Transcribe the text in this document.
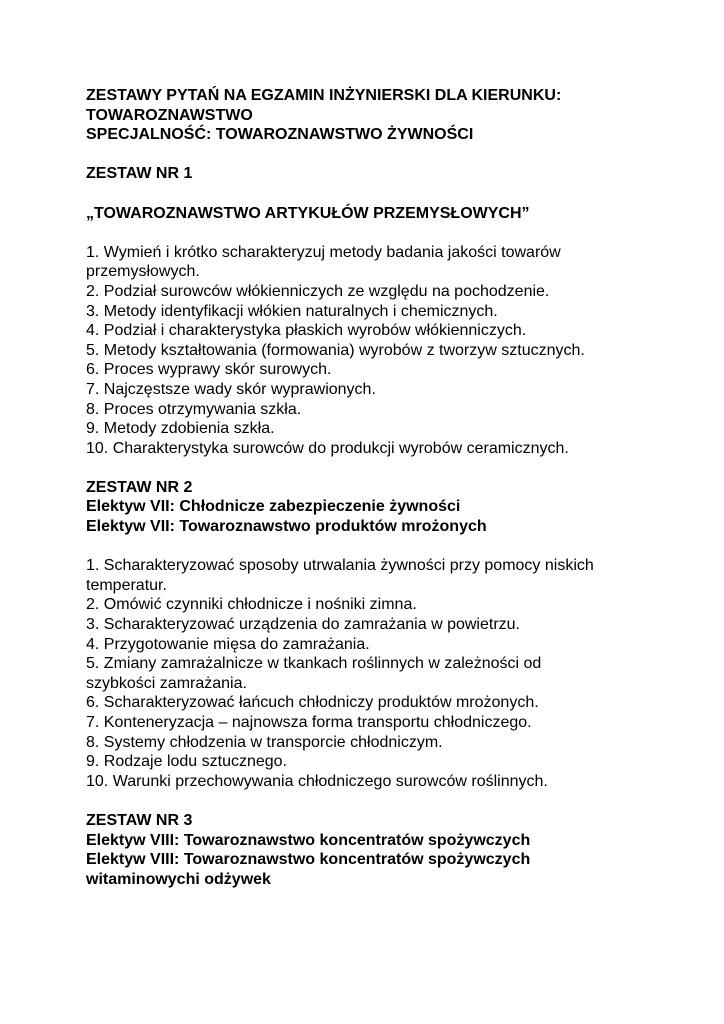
ZESTAWY PYTAŃ NA EGZAMIN INŻYNIERSKI DLA KIERUNKU:
TOWAROZNAWSTWO
SPECJALNOŚĆ: TOWAROZNAWSTWO ŻYWNOŚCI
ZESTAW NR 1
„TOWAROZNAWSTWO ARTYKUŁÓW PRZEMYSŁOWYCH”
1. Wymień i krótko scharakteryzuj metody badania jakości towarów
przemysłowych.
2. Podział surowców włókienniczych ze względu na pochodzenie.
3. Metody identyfikacji włókien naturalnych i chemicznych.
4. Podział i charakterystyka płaskich wyrobów włókienniczych.
5. Metody kształtowania (formowania) wyrobów z tworzyw sztucznych.
6. Proces wyprawy skór surowych.
7. Najczęstsze wady skór wyprawionych.
8. Proces otrzymywania szkła.
9. Metody zdobienia szkła.
10. Charakterystyka surowców do produkcji wyrobów ceramicznych.
ZESTAW NR 2
Elektyw VII: Chłodnicze zabezpieczenie żywności
Elektyw VII: Towaroznawstwo produktów mrożonych
1. Scharakteryzować sposoby utrwalania żywności przy pomocy niskich
temperatur.
2. Omówić czynniki chłodnicze i nośniki zimna.
3. Scharakteryzować urządzenia do zamrażania w powietrzu.
4. Przygotowanie mięsa do zamrażania.
5. Zmiany zamrażalnicze w tkankach roślinnych w zależności od
szybkości zamrażania.
6. Scharakteryzować łańcuch chłodniczy produktów mrożonych.
7. Konteneryzacja – najnowsza forma transportu chłodniczego.
8. Systemy chłodzenia w transporcie chłodniczym.
9. Rodzaje lodu sztucznego.
10. Warunki przechowywania chłodniczego surowców roślinnych.
ZESTAW NR 3
Elektyw VIII: Towaroznawstwo koncentratów spożywczych
Elektyw VIII: Towaroznawstwo koncentratów spożywczych
witaminowychi odżywek
